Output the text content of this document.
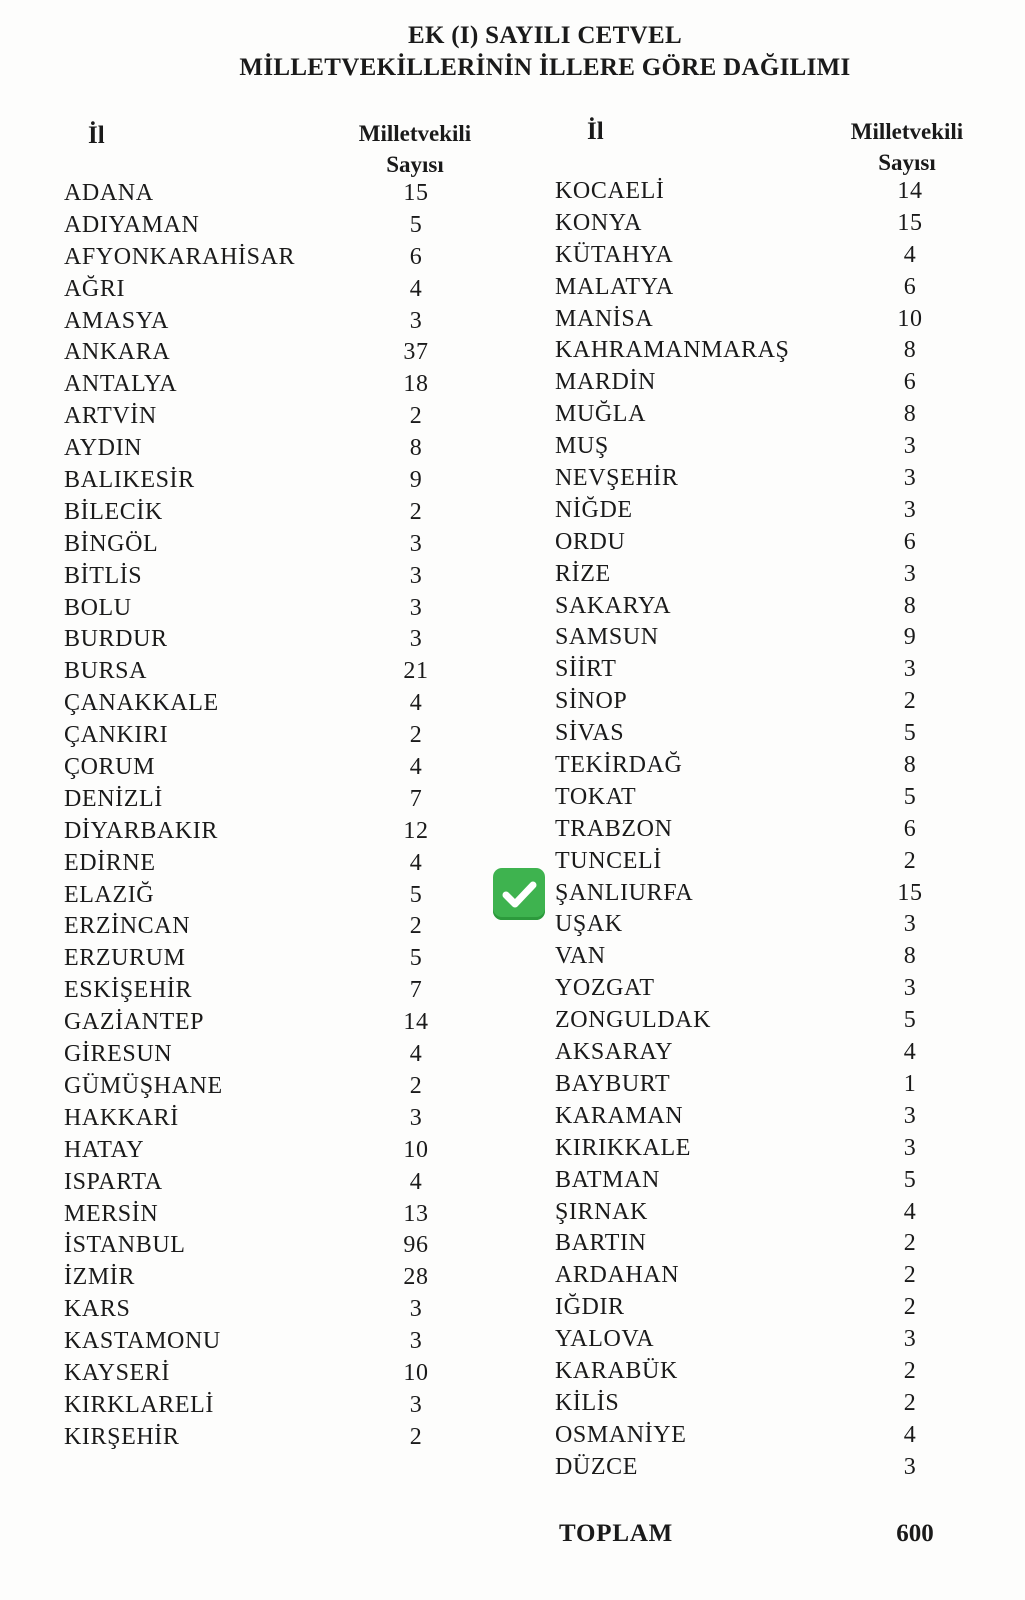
EK (I) SAYILI CETVEL
MİLLETVEKİLLERİNİN İLLERE GÖRE DAĞILIMI
İl	Milletvekili
Sayısı
ADANA	15
ADIYAMAN	5
AFYONKARAHİSAR	6
AĞRI	4
AMASYA	3
ANKARA	37
ANTALYA	18
ARTVİN	2
AYDIN	8
BALIKESİR	9
BİLECİK	2
BİNGÖL	3
BİTLİS	3
BOLU	3
BURDUR	3
BURSA	21
ÇANAKKALE	4
ÇANKIRI	2
ÇORUM	4
DENİZLİ	7
DİYARBAKIR	12
EDİRNE	4
ELAZIĞ	5
ERZİNCAN	2
ERZURUM	5
ESKİŞEHİR	7
GAZİANTEP	14
GİRESUN	4
GÜMÜŞHANE	2
HAKKARİ	3
HATAY	10
ISPARTA	4
MERSİN	13
İSTANBUL	96
İZMİR	28
KARS	3
KASTAMONU	3
KAYSERİ	10
KIRKLARELİ	3
KIRŞEHİR	2
İl	Milletvekili
Sayısı
KOCAELİ	14
KONYA	15
KÜTAHYA	4
MALATYA	6
MANİSA	10
KAHRAMANMARAŞ	8
MARDİN	6
MUĞLA	8
MUŞ	3
NEVŞEHİR	3
NİĞDE	3
ORDU	6
RİZE	3
SAKARYA	8
SAMSUN	9
SİİRT	3
SİNOP	2
SİVAS	5
TEKİRDAĞ	8
TOKAT	5
TRABZON	6
TUNCELİ	2
ŞANLIURFA	15
UŞAK	3
VAN	8
YOZGAT	3
ZONGULDAK	5
AKSARAY	4
BAYBURT	1
KARAMAN	3
KIRIKKALE	3
BATMAN	5
ŞIRNAK	4
BARTIN	2
ARDAHAN	2
IĞDIR	2
YALOVA	3
KARABÜK	2
KİLİS	2
OSMANİYE	4
DÜZCE	3
TOPLAM	600
